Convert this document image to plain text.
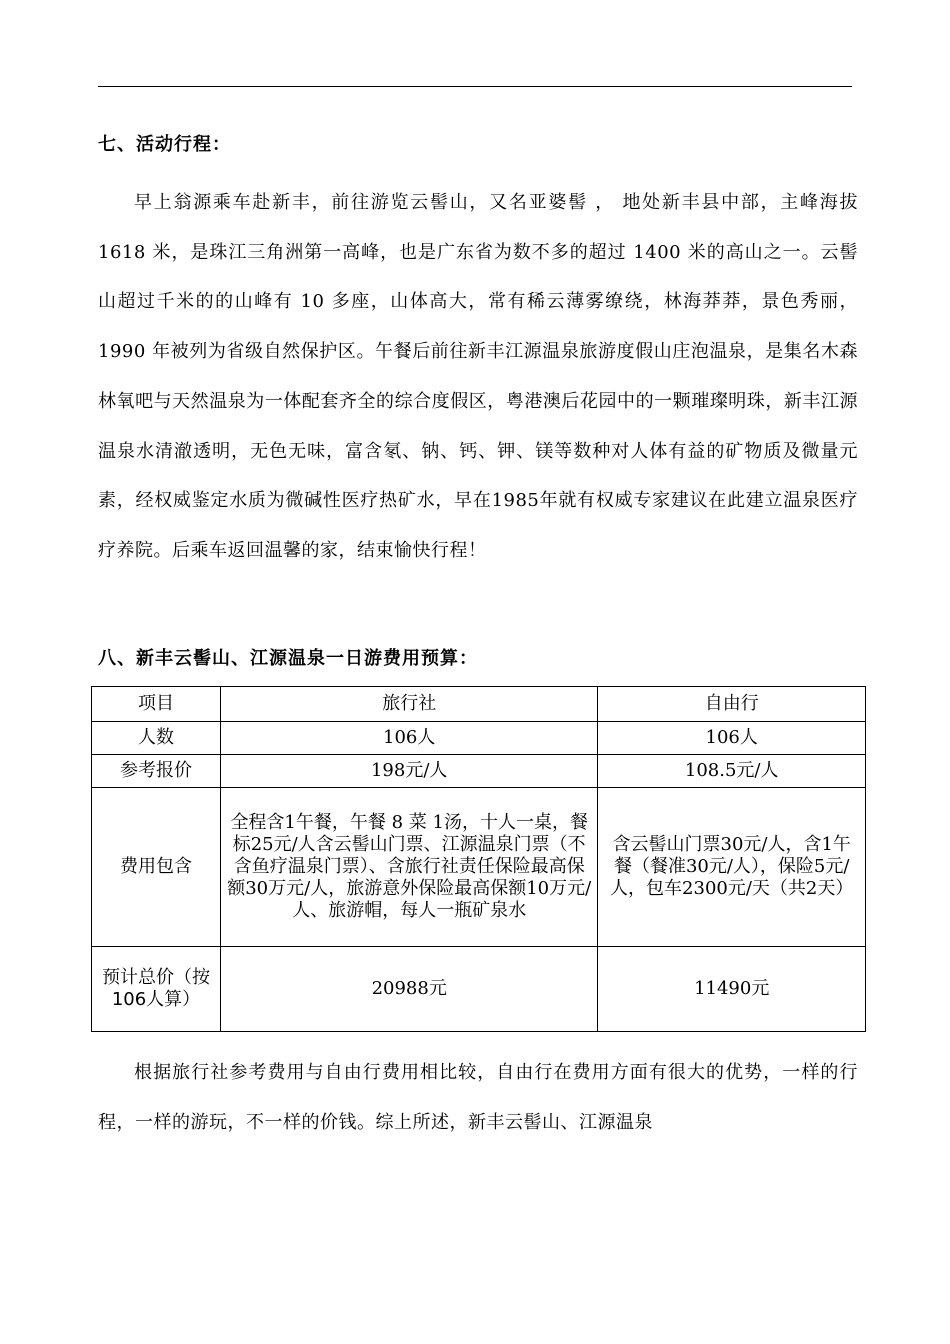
七、活动行程：

早上翁源乘车赴新丰，前往游览云髻山，又名亚婆髻 ， 地处新丰县中部，主峰海拔 1618 米，是珠江三角洲第一高峰，也是广东省为数不多的超过 1400 米的高山之一。云髻山超过千米的的山峰有 10 多座，山体高大，常有稀云薄雾缭绕，林海莽莽，景色秀丽， 1990 年被列为省级自然保护区。午餐后前往新丰江源温泉旅游度假山庄泡温泉，是集名木森林氧吧与天然温泉为一体配套齐全的综合度假区，粤港澳后花园中的一颗璀璨明珠，新丰江源温泉水清澈透明，无色无味，富含氡、钠、钙、钾、镁等数种对人体有益的矿物质及微量元素，经权威鉴定水质为微碱性医疗热矿水，早在1985年就有权威专家建议在此建立温泉医疗疗养院。后乘车返回温馨的家，结束愉快行程！

八、新丰云髻山、江源温泉一日游费用预算：
项目	旅行社	自由行
人数	106人	106人
参考报价	198元/人	108.5元/人
费用包含	全程含1午餐，午餐 8 菜 1汤，十人一桌，餐标25元/人含云髻山门票、江源温泉门票（不含鱼疗温泉门票）、含旅行社责任保险最高保额30万元/人，旅游意外保险最高保额10万元/人、旅游帽，每人一瓶矿泉水	含云髻山门票30元/人，含1午餐（餐准30元/人），保险5元/人，包车2300元/天（共2天）
预计总价（按106人算）	20988元	11490元

根据旅行社参考费用与自由行费用相比较，自由行在费用方面有很大的优势，一样的行程，一样的游玩，不一样的价钱。综上所述，新丰云髻山、江源温泉
